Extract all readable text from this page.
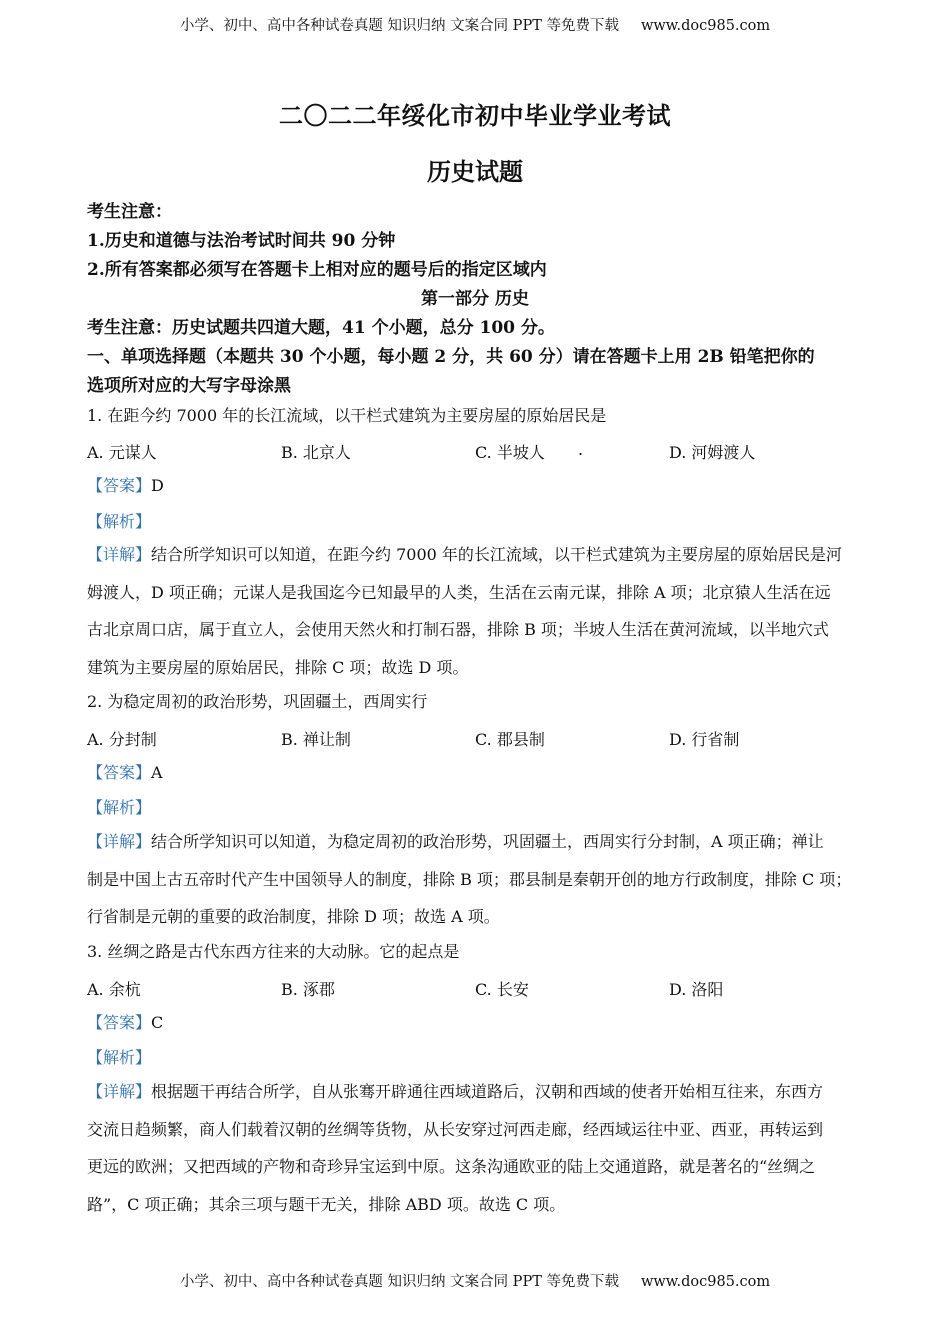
小学、初中、高中各种试卷真题 知识归纳 文案合同 PPT 等免费下载 www.doc985.com
二〇二二年绥化市初中毕业学业考试
历史试题
考生注意：
1.历史和道德与法治考试时间共 90 分钟
2.所有答案都必须写在答题卡上相对应的题号后的指定区域内
第一部分 历史
考生注意：历史试题共四道大题，41 个小题，总分 100 分。
一、单项选择题（本题共 30 个小题，每小题 2 分，共 60 分）请在答题卡上用 2B 铅笔把你的
选项所对应的大写字母涂黑
1. 在距今约 7000 年的长江流域，以干栏式建筑为主要房屋的原始居民是
A. 元谋人	B. 北京人	C. 半坡人 .	D. 河姆渡人
【答案】D
【解析】
【详解】结合所学知识可以知道，在距今约 7000 年的长江流域，以干栏式建筑为主要房屋的原始居民是河
姆渡人，D 项正确；元谋人是我国迄今已知最早的人类，生活在云南元谋，排除 A 项；北京猿人生活在远
古北京周口店，属于直立人，会使用天然火和打制石器，排除 B 项；半坡人生活在黄河流域，以半地穴式
建筑为主要房屋的原始居民，排除 C 项；故选 D 项。
2. 为稳定周初的政治形势，巩固疆土，西周实行
A. 分封制	B. 禅让制	C. 郡县制	D. 行省制
【答案】A
【解析】
【详解】结合所学知识可以知道，为稳定周初的政治形势，巩固疆土，西周实行分封制，A 项正确；禅让
制是中国上古五帝时代产生中国领导人的制度，排除 B 项；郡县制是秦朝开创的地方行政制度，排除 C 项；
行省制是元朝的重要的政治制度，排除 D 项；故选 A 项。
3. 丝绸之路是古代东西方往来的大动脉。它的起点是
A. 余杭	B. 涿郡	C. 长安	D. 洛阳
【答案】C
【解析】
【详解】根据题干再结合所学，自从张骞开辟通往西域道路后，汉朝和西域的使者开始相互往来，东西方
交流日趋频繁，商人们载着汉朝的丝绸等货物，从长安穿过河西走廊，经西域运往中亚、西亚，再转运到
更远的欧洲；又把西域的产物和奇珍异宝运到中原。这条沟通欧亚的陆上交通道路，就是著名的“丝绸之
路”，C 项正确；其余三项与题干无关，排除 ABD 项。故选 C 项。
小学、初中、高中各种试卷真题 知识归纳 文案合同 PPT 等免费下载 www.doc985.com
